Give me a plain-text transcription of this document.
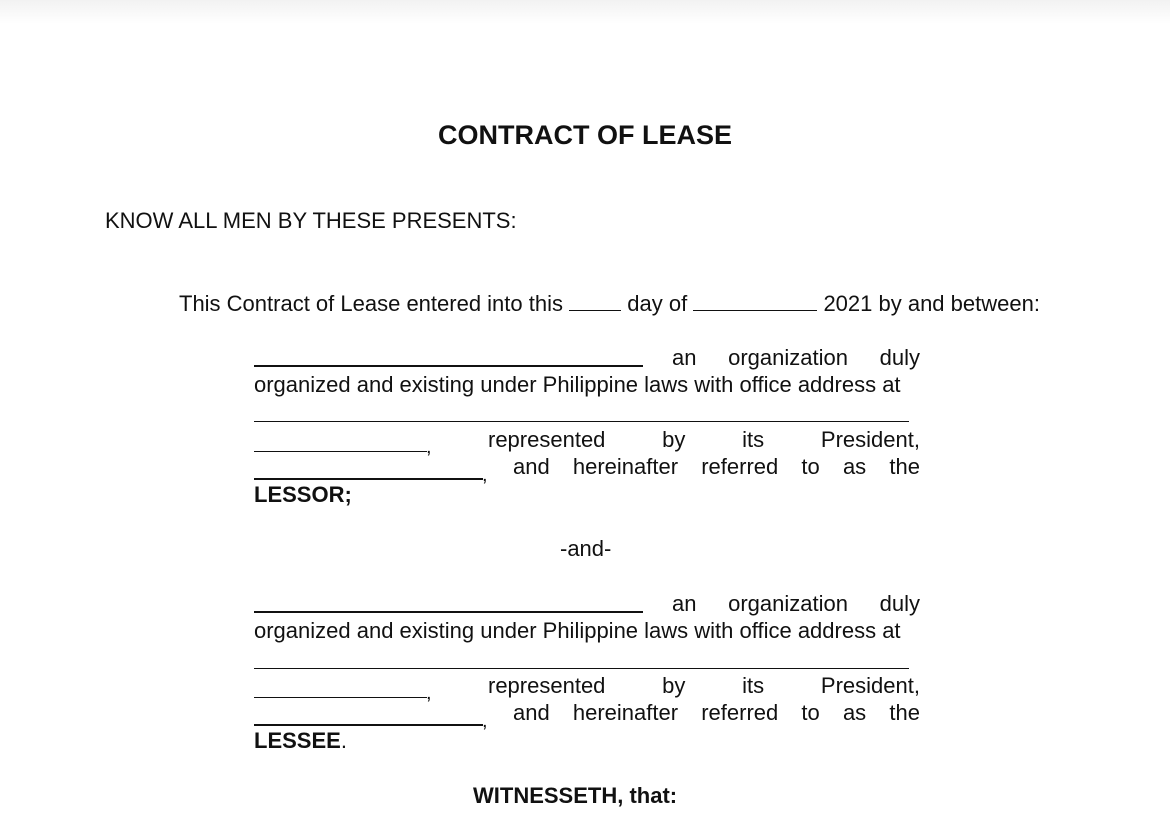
CONTRACT OF LEASE
KNOW ALL MEN BY THESE PRESENTS:
This Contract of Lease entered into this	day of	2021 by and between:
an organization duly
organized and existing under Philippine laws with office address at
,	represented	by	its	President,
, and hereinafter referred to as the
LESSOR;
-and-
an organization duly
organized and existing under Philippine laws with office address at
,	represented	by	its	President,
, and hereinafter referred to as the
LESSEE.
WITNESSETH, that:
